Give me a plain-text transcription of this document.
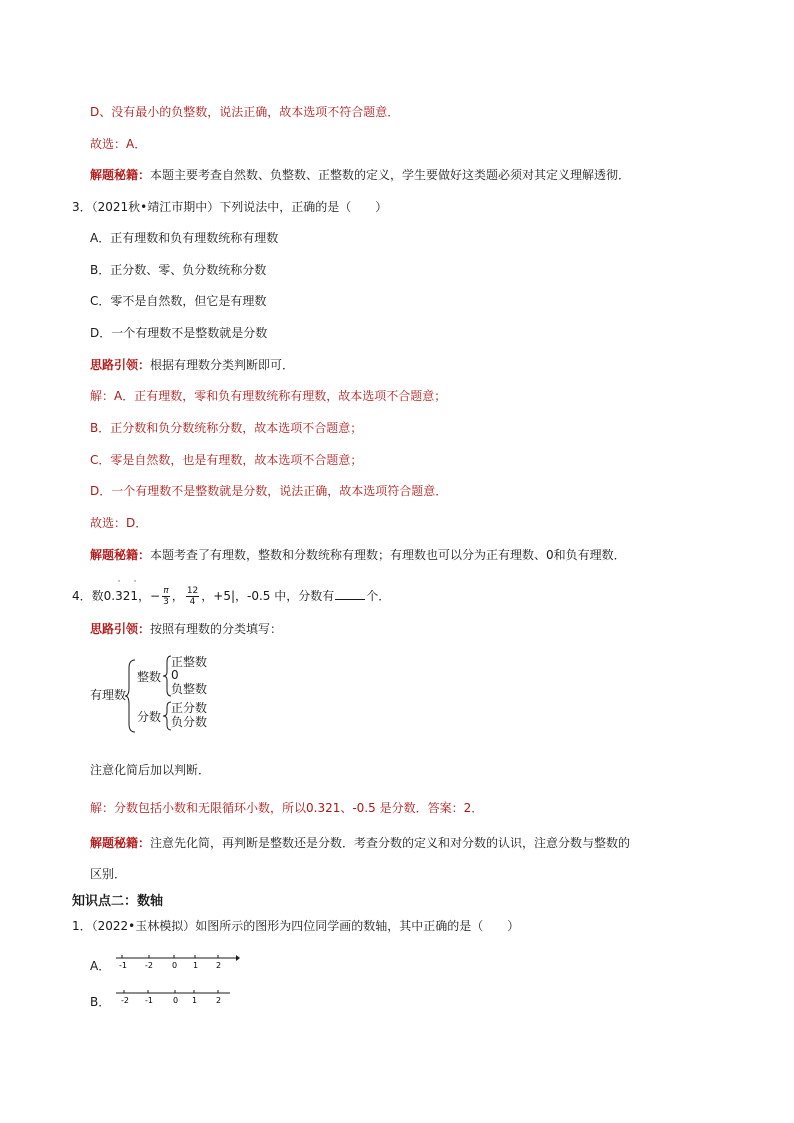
D、没有最小的负整数，说法正确，故本选项不符合题意．
故选：A．
解题秘籍：本题主要考查自然数、负整数、正整数的定义，学生要做好这类题必须对其定义理解透彻．
3．（2021秋•靖江市期中）下列说法中，正确的是（　　）
A．正有理数和负有理数统称有理数
B．正分数、零、负分数统称分数
C．零不是自然数，但它是有理数
D．一个有理数不是整数就是分数
思路引领：根据有理数分类判断即可．
解：A．正有理数，零和负有理数统称有理数，故本选项不合题意；
B．正分数和负分数统称分数，故本选项不合题意；
C．零是自然数，也是有理数，故本选项不合题意；
D．一个有理数不是整数就是分数，说法正确，故本选项符合题意．
故选：D．
解题秘籍：本题考查了有理数，整数和分数统称有理数；有理数也可以分为正有理数、0和负有理数．
4．数0.321
· ·
，− $\frac{\pi}{3}$ ， $\frac{12}{4}$ ，+5|，-0.5 中，分数有	个．
思路引领：按照有理数的分类填写：
有理数
整数
正整数
0
负整数
分数
正分数
负分数
注意化简后加以判断．
解：分数包括小数和无限循环小数，所以0.321、-0.5 是分数．答案：2．
解题秘籍：注意先化简，再判断是整数还是分数．考查分数的定义和对分数的认识，注意分数与整数的
区别．
知识点二：数轴
1．（2022•玉林模拟）如图所示的图形为四位同学画的数轴，其中正确的是（　　）
A． -1 -2 0 1 2
B． -2 -1	0 1 2
